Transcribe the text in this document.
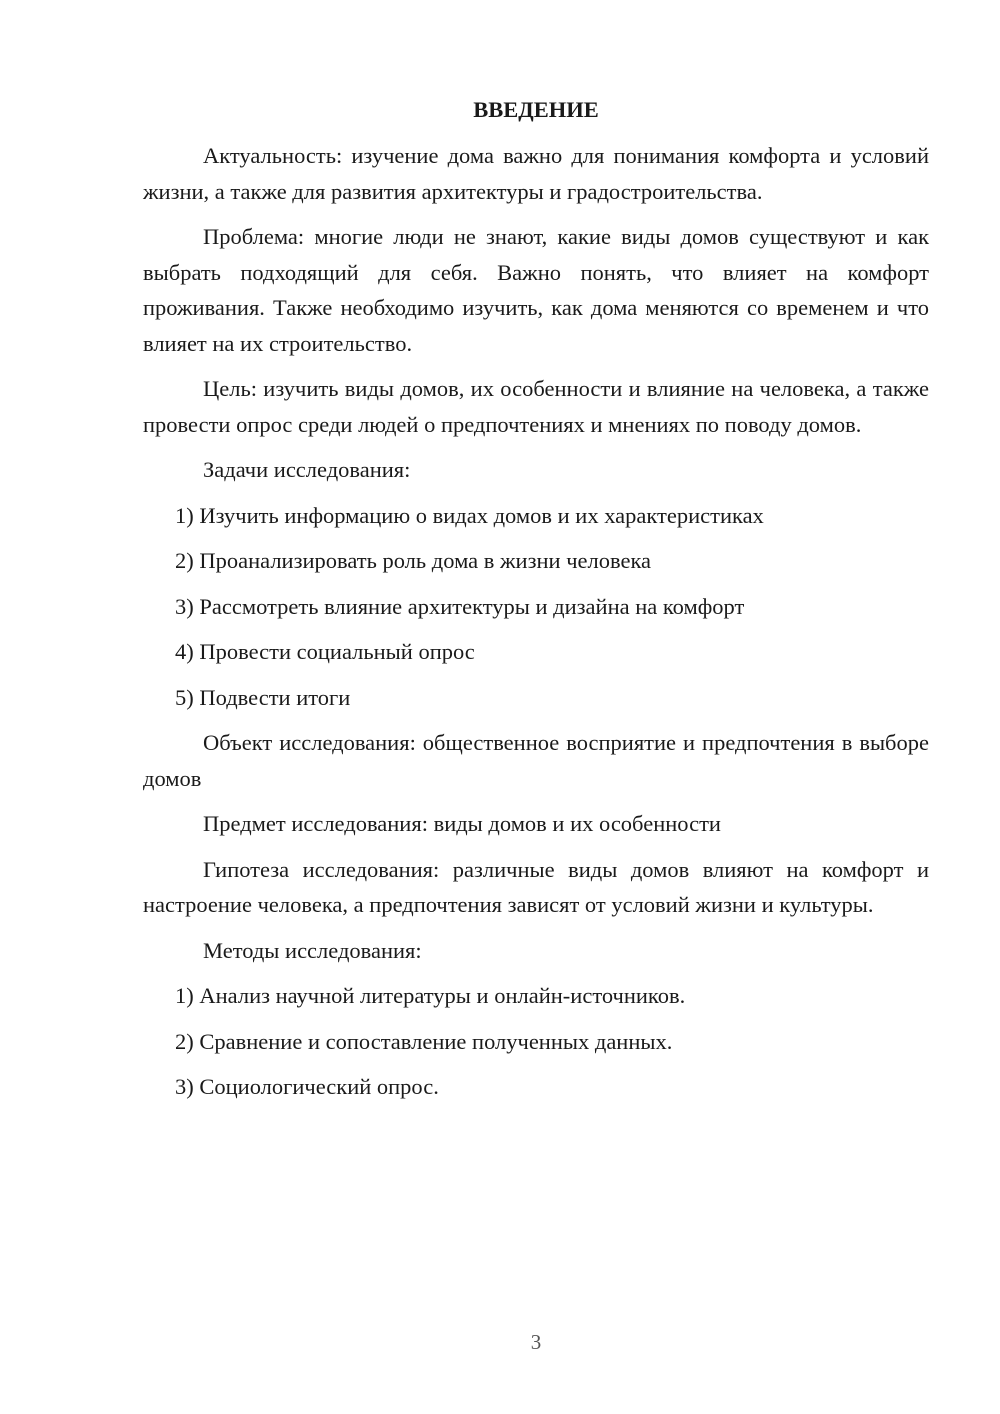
ВВЕДЕНИЕ

Актуальность: изучение дома важно для понимания комфорта и условий жизни, а также для развития архитектуры и градостроительства.

Проблема: многие люди не знают, какие виды домов существуют и как выбрать подходящий для себя. Важно понять, что влияет на комфорт проживания. Также необходимо изучить, как дома меняются со временем и что влияет на их строительство.

Цель: изучить виды домов, их особенности и влияние на человека, а также провести опрос среди людей о предпочтениях и мнениях по поводу домов.

Задачи исследования:

1) Изучить информацию о видах домов и их характеристиках
2) Проанализировать роль дома в жизни человека
3) Рассмотреть влияние архитектуры и дизайна на комфорт
4) Провести социальный опрос
5) Подвести итоги

Объект исследования: общественное восприятие и предпочтения в выборе домов

Предмет исследования: виды домов и их особенности

Гипотеза исследования: различные виды домов влияют на комфорт и настроение человека, а предпочтения зависят от условий жизни и культуры.

Методы исследования:

1) Анализ научной литературы и онлайн-источников.
2) Сравнение и сопоставление полученных данных.
3) Социологический опрос.
3
